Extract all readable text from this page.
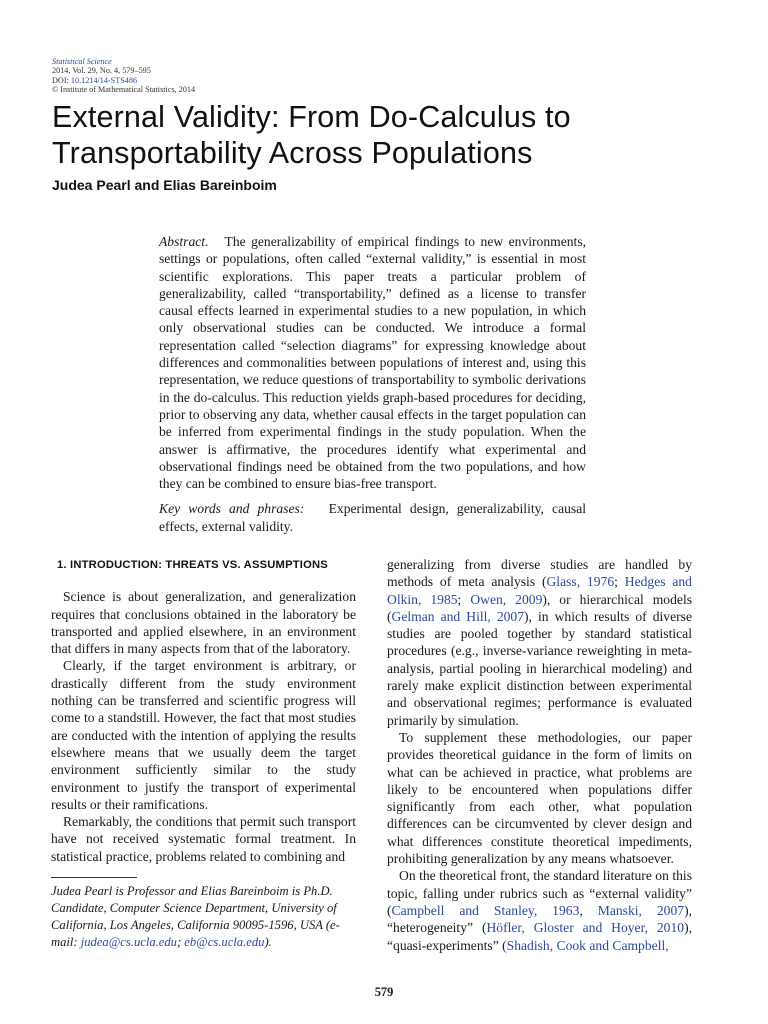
Statistical Science
2014, Vol. 29, No. 4, 579–595
DOI: 10.1214/14-STS486
© Institute of Mathematical Statistics, 2014
External Validity: From Do-Calculus to
Transportability Across Populations
Judea Pearl and Elias Bareinboim

Abstract. The generalizability of empirical findings to new environments, settings or populations, often called “external validity,” is essential in most scientific explorations. This paper treats a particular problem of generalizability, called “transportability,” defined as a license to transfer causal effects learned in experimental studies to a new population, in which only observational studies can be conducted. We introduce a formal representation called “selection diagrams” for expressing knowledge about differences and commonalities between populations of interest and, using this representation, we reduce questions of transportability to symbolic derivations in the do-calculus. This reduction yields graph-based procedures for deciding, prior to observing any data, whether causal effects in the target population can be inferred from experimental findings in the study population. When the answer is affirmative, the procedures identify what experimental and observational findings need be obtained from the two populations, and how they can be combined to ensure bias-free transport.

Key words and phrases: Experimental design, generalizability, causal effects, external validity.

1. INTRODUCTION: THREATS VS. ASSUMPTIONS

Science is about generalization, and generalization requires that conclusions obtained in the laboratory be transported and applied elsewhere, in an environment that differs in many aspects from that of the laboratory.

Clearly, if the target environment is arbitrary, or drastically different from the study environment nothing can be transferred and scientific progress will come to a standstill. However, the fact that most studies are conducted with the intention of applying the results elsewhere means that we usually deem the target environment sufficiently similar to the study environment to justify the transport of experimental results or their ramifications.

Remarkably, the conditions that permit such transport have not received systematic formal treatment. In statistical practice, problems related to combining and

generalizing from diverse studies are handled by methods of meta analysis (Glass, 1976; Hedges and Olkin, 1985; Owen, 2009), or hierarchical models (Gelman and Hill, 2007), in which results of diverse studies are pooled together by standard statistical procedures (e.g., inverse-variance reweighting in meta-analysis, partial pooling in hierarchical modeling) and rarely make explicit distinction between experimental and observational regimes; performance is evaluated primarily by simulation.

To supplement these methodologies, our paper provides theoretical guidance in the form of limits on what can be achieved in practice, what problems are likely to be encountered when populations differ significantly from each other, what population differences can be circumvented by clever design and what differences constitute theoretical impediments, prohibiting generalization by any means whatsoever.

On the theoretical front, the standard literature on this topic, falling under rubrics such as “external validity” (Campbell and Stanley, 1963, Manski, 2007), “heterogeneity” (Höfler, Gloster and Hoyer, 2010), “quasi-experiments” (Shadish, Cook and Campbell,

Judea Pearl is Professor and Elias Bareinboim is Ph.D. Candidate, Computer Science Department, University of California, Los Angeles, California 90095-1596, USA (e-mail: judea@cs.ucla.edu; eb@cs.ucla.edu).

579
